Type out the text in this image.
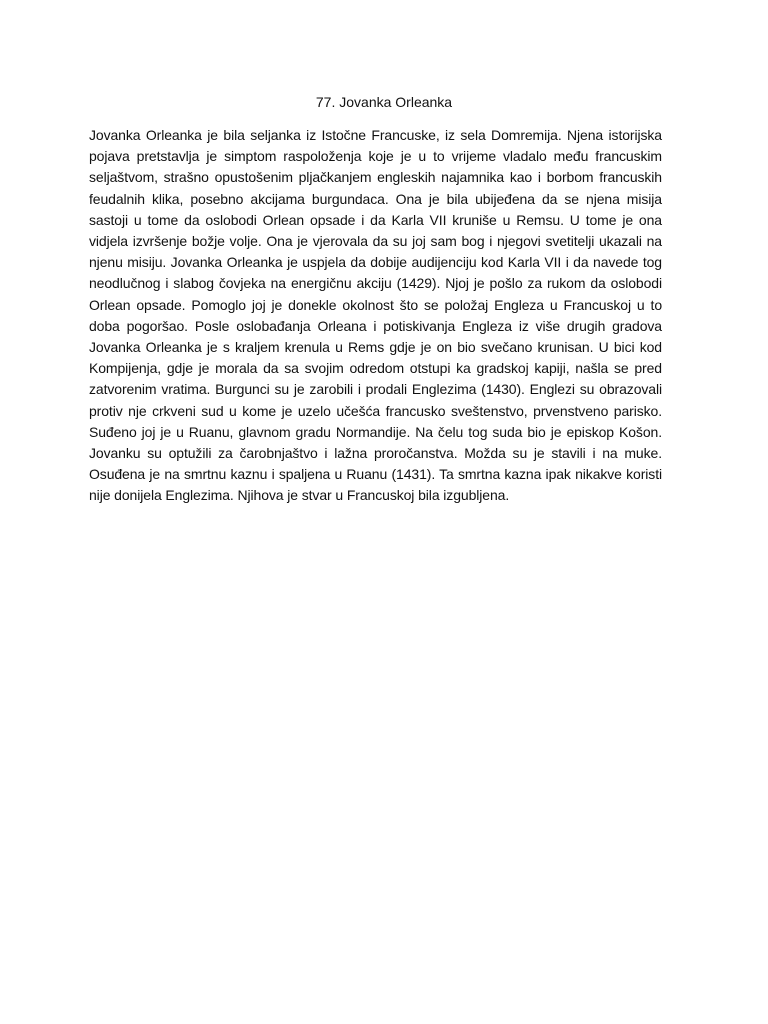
77. Jovanka Orleanka

Jovanka Orleanka je bila seljanka iz Istočne Francuske, iz sela Domremija. Njena istorijska pojava pretstavlja je simptom raspoloženja koje je u to vrijeme vladalo među francuskim seljaštvom, strašno opustošenim pljačkanjem engleskih najamnika kao i borbom francuskih feudalnih klika, posebno akcijama burgundaca. Ona je bila ubijeđena da se njena misija sastoji u tome da oslobodi Orlean opsade i da Karla VII kruniše u Remsu. U tome je ona vidjela izvršenje božje volje. Ona je vjerovala da su joj sam bog i njegovi svetitelji ukazali na njenu misiju. Jovanka Orleanka je uspjela da dobije audijenciju kod Karla VII i da navede tog neodlučnog i slabog čovjeka na energičnu akciju (1429). Njoj je pošlo za rukom da oslobodi Orlean opsade. Pomoglo joj je donekle okolnost što se položaj Engleza u Francuskoj u to doba pogoršao. Posle oslobađanja Orleana i potiskivanja Engleza iz više drugih gradova Jovanka Orleanka je s kraljem krenula u Rems gdje je on bio svečano krunisan. U bici kod Kompijenja, gdje je morala da sa svojim odredom otstupi ka gradskoj kapiji, našla se pred zatvorenim vratima. Burgunci su je zarobili i prodali Englezima (1430). Englezi su obrazovali protiv nje crkveni sud u kome je uzelo učešća francusko sveštenstvo, prvenstveno parisko. Suđeno joj je u Ruanu, glavnom gradu Normandije. Na čelu tog suda bio je episkop Košon. Jovanku su optužili za čarobnjaštvo i lažna proročanstva. Možda su je stavili i na muke. Osuđena je na smrtnu kaznu i spaljena u Ruanu (1431). Ta smrtna kazna ipak nikakve koristi nije donijela Englezima. Njihova je stvar u Francuskoj bila izgubljena.
